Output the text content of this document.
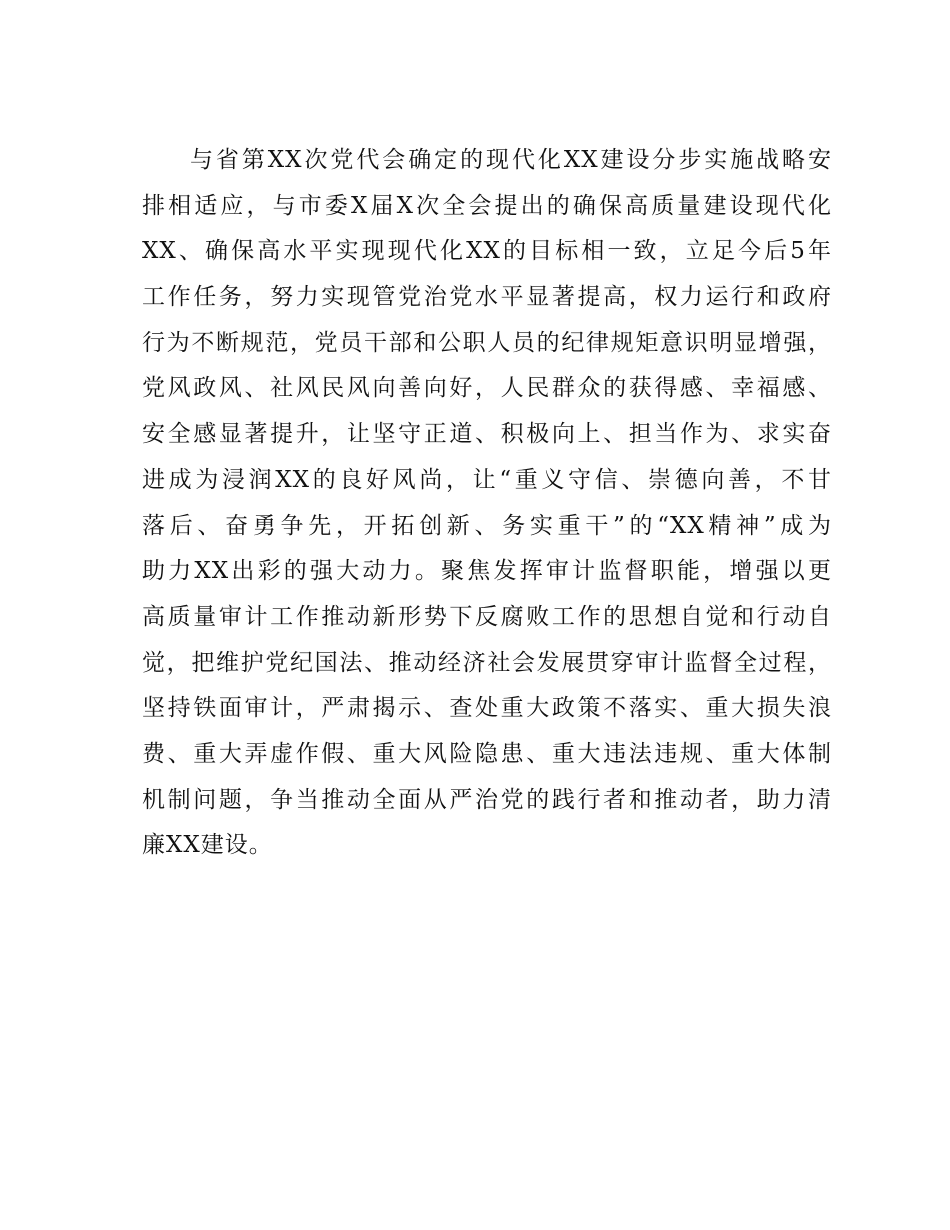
与省第XX次党代会确定的现代化XX建设分步实施战略安
排相适应，与市委X届X次全会提出的确保高质量建设现代化
XX、确保高水平实现现代化XX的目标相一致，立足今后5年
工作任务，努力实现管党治党水平显著提高，权力运行和政府
行为不断规范，党员干部和公职人员的纪律规矩意识明显增强，
党风政风、社风民风向善向好，人民群众的获得感、幸福感、
安全感显著提升，让坚守正道、积极向上、担当作为、求实奋
进成为浸润XX的良好风尚，让“重义守信、崇德向善，不甘
落后、奋勇争先，开拓创新、务实重干”的“XX精神”成为
助力XX出彩的强大动力。聚焦发挥审计监督职能，增强以更
高质量审计工作推动新形势下反腐败工作的思想自觉和行动自
觉，把维护党纪国法、推动经济社会发展贯穿审计监督全过程，
坚持铁面审计，严肃揭示、查处重大政策不落实、重大损失浪
费、重大弄虚作假、重大风险隐患、重大违法违规、重大体制
机制问题，争当推动全面从严治党的践行者和推动者，助力清
廉XX建设。
